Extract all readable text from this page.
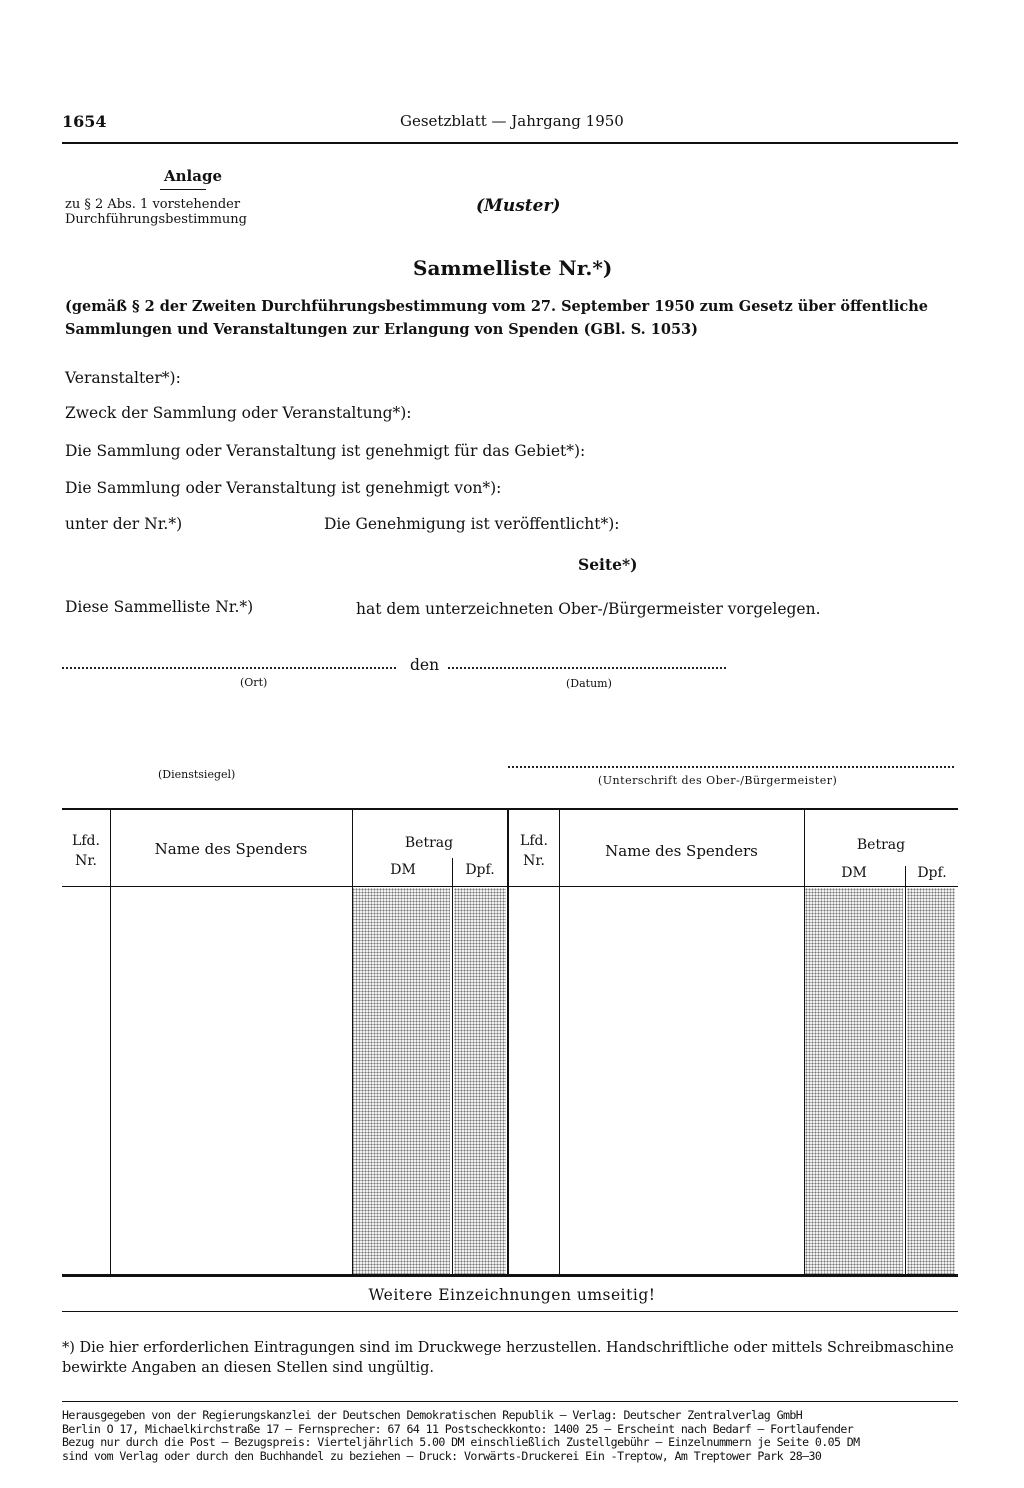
1654	Gesetzblatt — Jahrgang 1950
Anlage
zu § 2 Abs. 1 vorstehender
Durchführungsbestimmung
(Muster)
Sammelliste Nr.*)
(gemäß § 2 der Zweiten Durchführungsbestimmung vom 27. September 1950 zum Gesetz über öffentliche Sammlungen und Veranstaltungen zur Erlangung von Spenden (GBl. S. 1053)
Veranstalter*):
Zweck der Sammlung oder Veranstaltung*):
Die Sammlung oder Veranstaltung ist genehmigt für das Gebiet*):
Die Sammlung oder Veranstaltung ist genehmigt von*):
unter der Nr.*)	Die Genehmigung ist veröffentlicht*):
Seite*)
Diese Sammelliste Nr.*)	hat dem unterzeichneten Ober-/Bürgermeister vorgelegen.
den
(Ort)	(Datum)
(Dienstsiegel)	(Unterschrift des Ober-/Bürgermeister)
Lfd.
Nr.
Name des Spenders	Betrag
DM	Dpf.
Lfd.
Nr.
Name des Spenders	Betrag
DM	Dpf.
Weitere Einzeichnungen umseitig!
*) Die hier erforderlichen Eintragungen sind im Druckwege herzustellen. Handschriftliche oder mittels Schreibmaschine bewirkte Angaben an diesen Stellen sind ungültig.
Herausgegeben von der Regierungskanzlei der Deutschen Demokratischen Republik – Verlag: Deutscher Zentralverlag GmbH
Berlin O 17, Michaelkirchstraße 17 – Fernsprecher: 67 64 11 Postscheckkonto: 1400 25 – Erscheint nach Bedarf – Fortlaufender
Bezug nur durch die Post – Bezugspreis: Vierteljährlich 5.00 DM einschließlich Zustellgebühr – Einzelnummern je Seite 0.05 DM
sind vom Verlag oder durch den Buchhandel zu beziehen – Druck: Vorwärts-Druckerei Ein -Treptow, Am Treptower Park 28–30
